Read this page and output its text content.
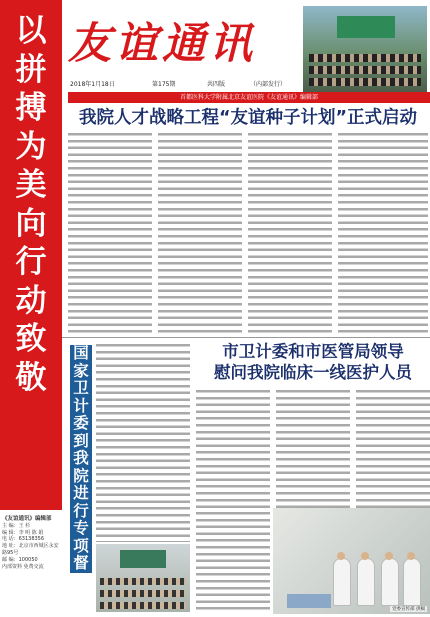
以
拼
搏
为
美
向
行
动
致
敬
《友谊通讯》编辑部
主 编：王 杉
编 辑：李 明 陈 娟
电 话：63138356
地 址：北京市西城区永安路95号
邮 编：100050
内部资料 免费交流
友谊通讯
2018年1月18日	第175期	共四版	（内部发行）
首都医科大学附属北京友谊医院《友谊通讯》编辑部
我院人才战略工程“友谊种子计划”正式启动
国
家
卫
计
委
到
我
院
进
行
专
项
督
市卫计委和市医管局领导
慰问我院临床一线医护人员
党委宣传部 供稿
